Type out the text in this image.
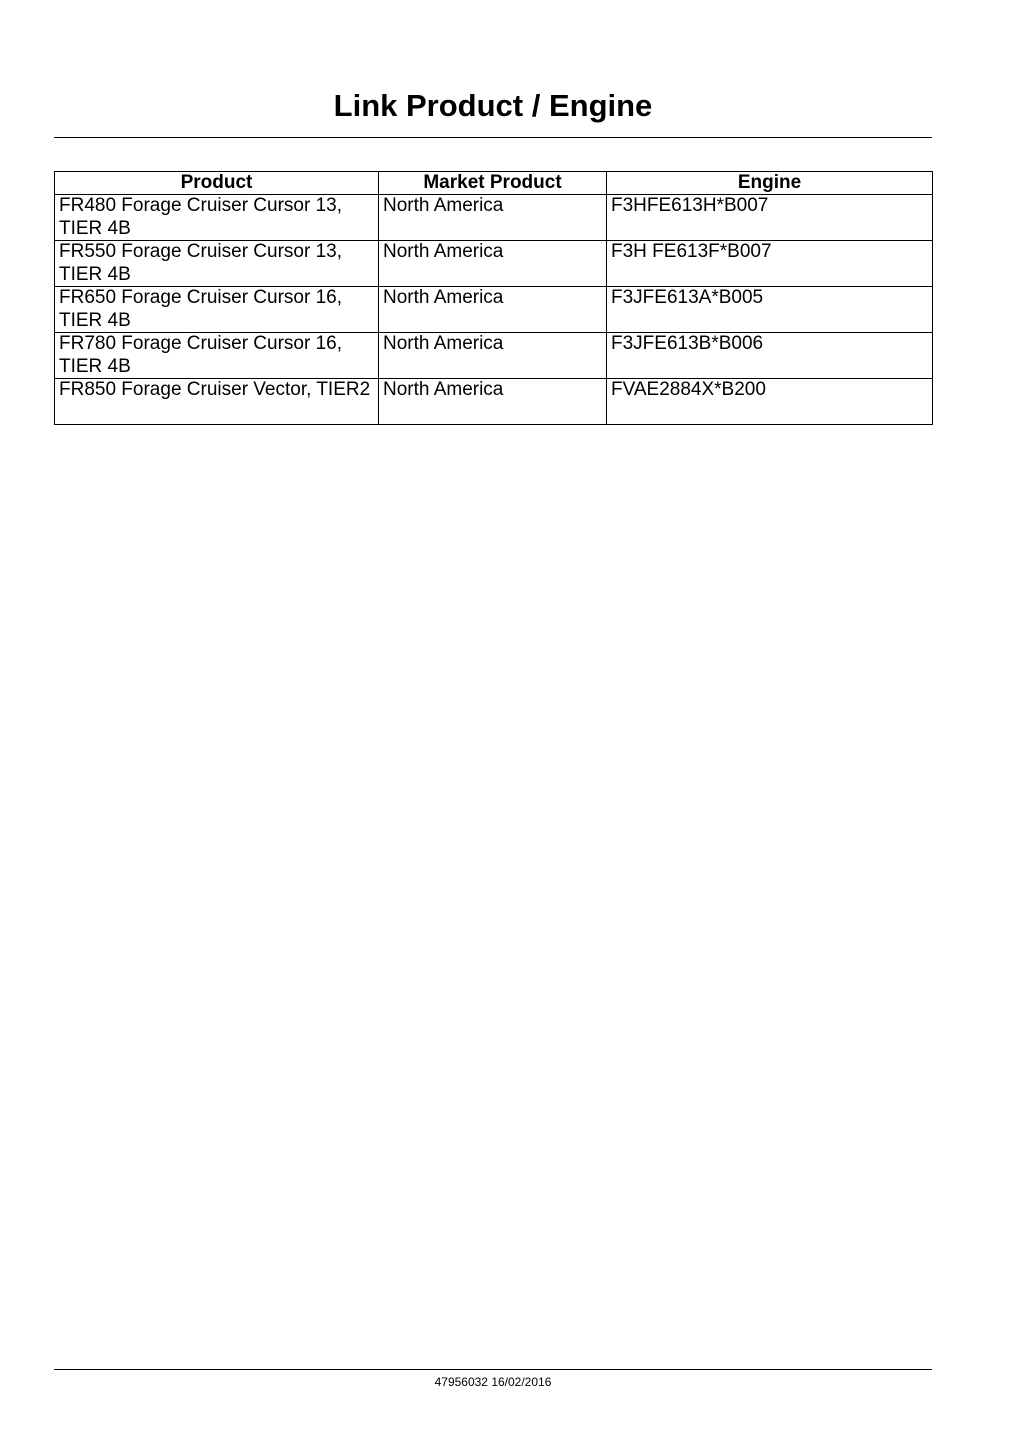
Link Product / Engine
Product	Market Product	Engine
FR480 Forage Cruiser Cursor 13, TIER 4B	North America	F3HFE613H*B007
FR550 Forage Cruiser Cursor 13, TIER 4B	North America	F3H FE613F*B007
FR650 Forage Cruiser Cursor 16, TIER 4B	North America	F3JFE613A*B005
FR780 Forage Cruiser Cursor 16, TIER 4B	North America	F3JFE613B*B006
FR850 Forage Cruiser Vector, TIER2	North America	FVAE2884X*B200
47956032 16/02/2016
